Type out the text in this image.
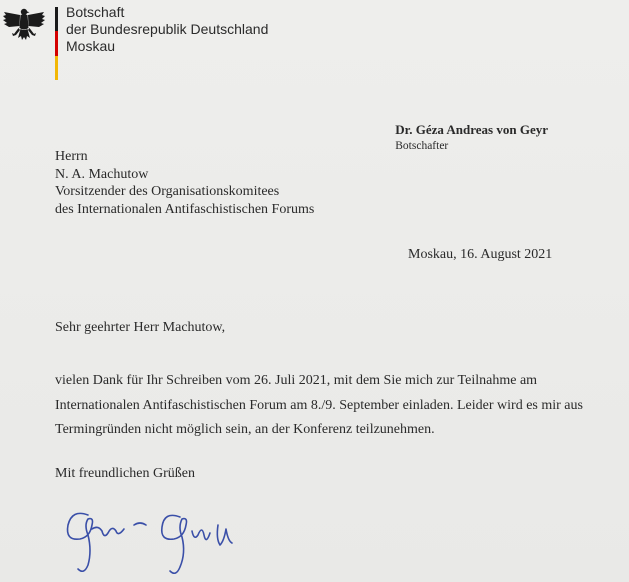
Botschaft
der Bundesrepublik Deutschland
Moskau
Dr. Géza Andreas von Geyr
Botschafter
Herrn
N. A. Machutow
Vorsitzender des Organisationskomitees
des Internationalen Antifaschistischen Forums
Moskau, 16. August 2021
Sehr geehrter Herr Machutow,
vielen Dank für Ihr Schreiben vom 26. Juli 2021, mit dem Sie mich zur Teilnahme am
Internationalen Antifaschistischen Forum am 8./9. September einladen. Leider wird es mir aus
Termingründen nicht möglich sein, an der Konferenz teilzunehmen.
Mit freundlichen Grüßen
